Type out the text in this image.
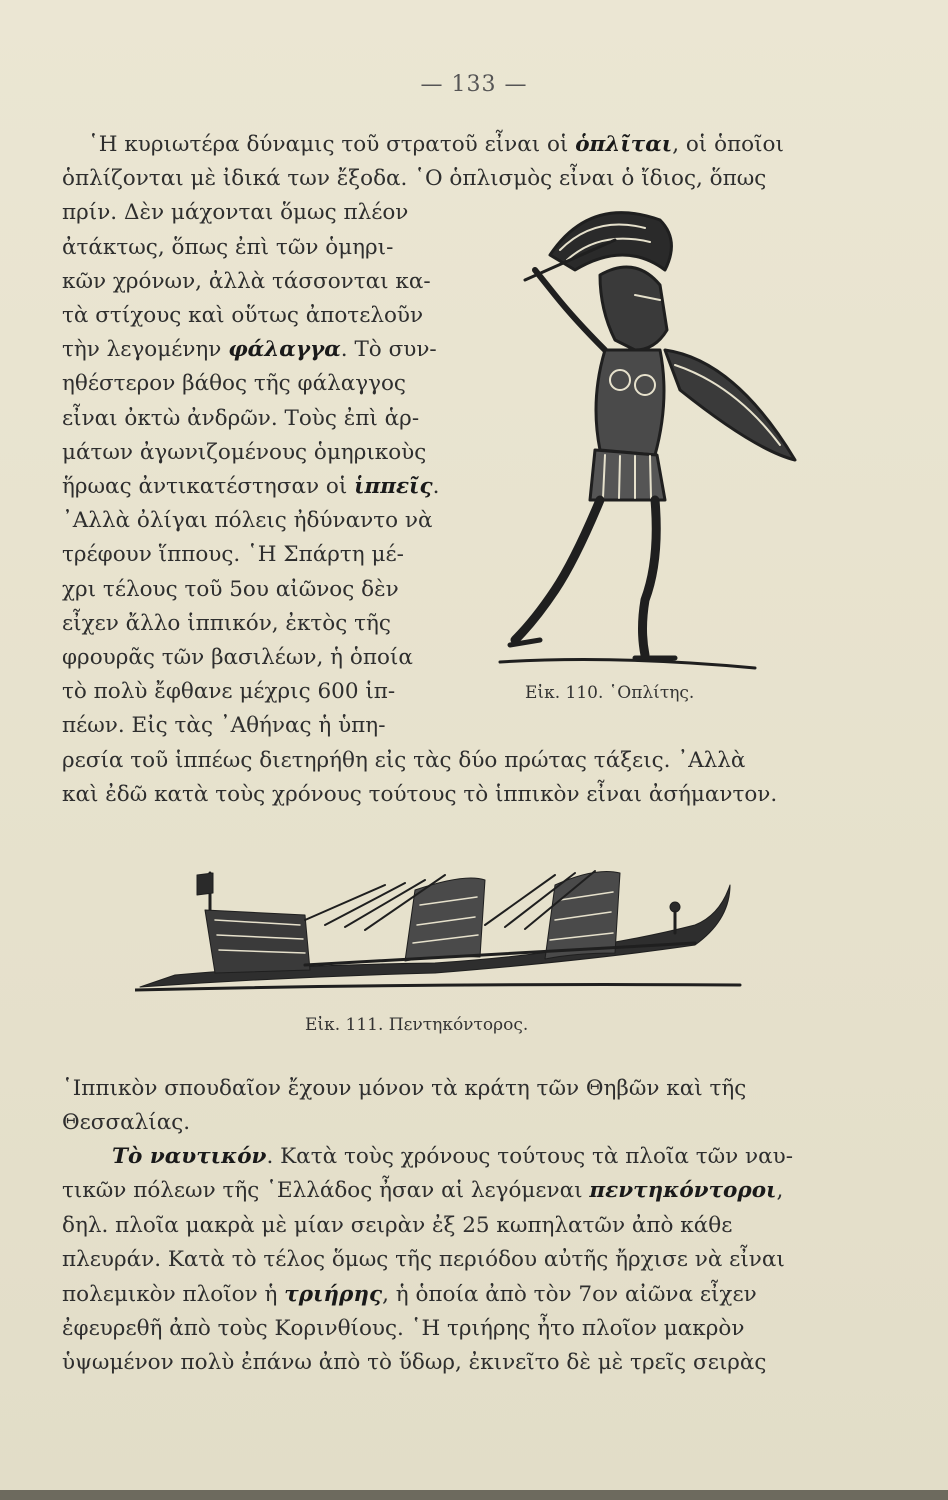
— 133 —
῾Η κυριωτέρα δύναμις τοῦ στρατοῦ εἶναι οἱ ὁπλῖται, οἱ ὁποῖοι
ὁπλίζονται μὲ ἰδικά των ἔξοδα. ῾Ο ὁπλισμὸς εἶναι ὁ ἴδιος, ὅπως
πρίν. Δὲν μάχονται ὅμως πλέον
ἀτάκτως, ὅπως ἐπὶ τῶν ὁμηρι-
κῶν χρόνων, ἀλλὰ τάσσονται κα-
τὰ στίχους καὶ οὕτως ἀποτελοῦν
τὴν λεγομένην φάλαγγα. Τὸ συν-
ηθέστερον βάθος τῆς φάλαγγος
εἶναι ὀκτὼ ἀνδρῶν. Τοὺς ἐπὶ ἁρ-
μάτων ἀγωνιζομένους ὁμηρικοὺς
ἥρωας ἀντικατέστησαν οἱ ἱππεῖς.
᾿Αλλὰ ὀλίγαι πόλεις ἠδύναντο νὰ
τρέφουν ἵππους. ῾Η Σπάρτη μέ-
χρι τέλους τοῦ 5ου αἰῶνος δὲν
εἶχεν ἄλλο ἱππικόν, ἐκτὸς τῆς
φρουρᾶς τῶν βασιλέων, ἡ ὁποία
τὸ πολὺ ἔφθανε μέχρις 600 ἱπ-
πέων. Εἰς τὰς ᾿Αθήνας ἡ ὑπη-
ρεσία τοῦ ἱππέως διετηρήθη εἰς τὰς δύο πρώτας τάξεις. ᾿Αλλὰ
καὶ ἐδῶ κατὰ τοὺς χρόνους τούτους τὸ ἱππικὸν εἶναι ἀσήμαντον.
Εἰκ. 110. ῾Οπλίτης.
Εἰκ. 111. Πεντηκόντορος.
῾Ιππικὸν σπουδαῖον ἔχουν μόνον τὰ κράτη τῶν Θηβῶν καὶ τῆς
Θεσσαλίας.
Τὸ ναυτικόν. Κατὰ τοὺς χρόνους τούτους τὰ πλοῖα τῶν ναυ-
τικῶν πόλεων τῆς ῾Ελλάδος ἦσαν αἱ λεγόμεναι πεντηκόντοροι,
δηλ. πλοῖα μακρὰ μὲ μίαν σειρὰν ἐξ 25 κωπηλατῶν ἀπὸ κάθε
πλευράν. Κατὰ τὸ τέλος ὅμως τῆς περιόδου αὐτῆς ἤρχισε νὰ εἶναι
πολεμικὸν πλοῖον ἡ τριήρης, ἡ ὁποία ἀπὸ τὸν 7ον αἰῶνα εἶχεν
ἐφευρεθῆ ἀπὸ τοὺς Κορινθίους. ῾Η τριήρης ἦτο πλοῖον μακρὸν
ὑψωμένον πολὺ ἐπάνω ἀπὸ τὸ ὕδωρ, ἐκινεῖτο δὲ μὲ τρεῖς σειρὰς
